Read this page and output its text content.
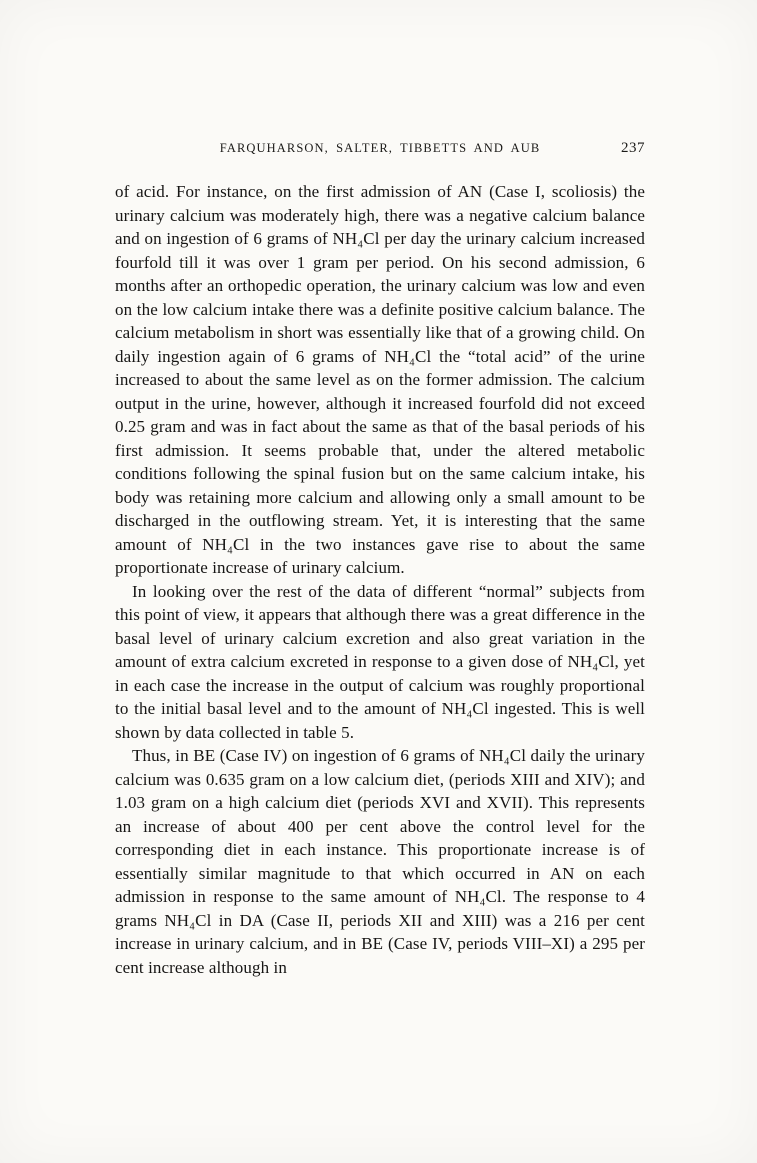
FARQUHARSON, SALTER, TIBBETTS AND AUB	237

of acid. For instance, on the first admission of AN (Case I, scoliosis) the urinary calcium was moderately high, there was a negative calcium balance and on ingestion of 6 grams of NH₄Cl per day the urinary calcium increased fourfold till it was over 1 gram per period. On his second admission, 6 months after an orthopedic operation, the urinary calcium was low and even on the low calcium intake there was a definite positive calcium balance. The calcium metabolism in short was essentially like that of a growing child. On daily ingestion again of 6 grams of NH₄Cl the “total acid” of the urine increased to about the same level as on the former admission. The calcium output in the urine, however, although it increased fourfold did not exceed 0.25 gram and was in fact about the same as that of the basal periods of his first admission. It seems probable that, under the altered metabolic conditions following the spinal fusion but on the same calcium intake, his body was retaining more calcium and allowing only a small amount to be discharged in the outflowing stream. Yet, it is interesting that the same amount of NH₄Cl in the two instances gave rise to about the same proportionate increase of urinary calcium.

In looking over the rest of the data of different “normal” subjects from this point of view, it appears that although there was a great difference in the basal level of urinary calcium excretion and also great variation in the amount of extra calcium excreted in response to a given dose of NH₄Cl, yet in each case the increase in the output of calcium was roughly proportional to the initial basal level and to the amount of NH₄Cl ingested. This is well shown by data collected in table 5.

Thus, in BE (Case IV) on ingestion of 6 grams of NH₄Cl daily the urinary calcium was 0.635 gram on a low calcium diet, (periods XIII and XIV); and 1.03 gram on a high calcium diet (periods XVI and XVII). This represents an increase of about 400 per cent above the control level for the corresponding diet in each instance. This proportionate increase is of essentially similar magnitude to that which occurred in AN on each admission in response to the same amount of NH₄Cl. The response to 4 grams NH₄Cl in DA (Case II, periods XII and XIII) was a 216 per cent increase in urinary calcium, and in BE (Case IV, periods VIII–XI) a 295 per cent increase although in
